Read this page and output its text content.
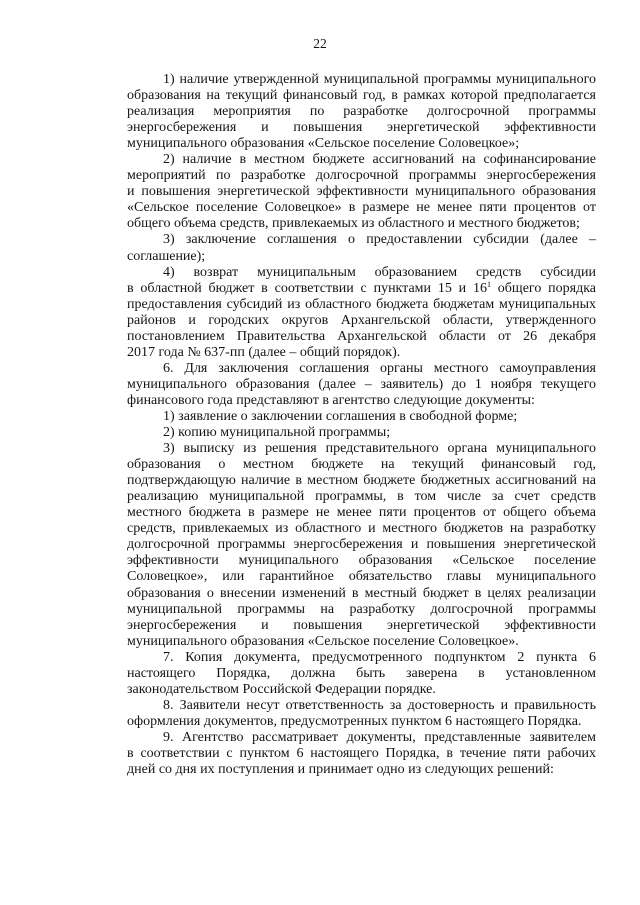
22
1) наличие утвержденной муниципальной программы муниципального
образования на текущий финансовый год, в рамках которой предполагается
реализация мероприятия по разработке долгосрочной программы
энергосбережения и повышения энергетической эффективности
муниципального образования «Сельское поселение Соловецкое»;
2) наличие в местном бюджете ассигнований на софинансирование
мероприятий по разработке долгосрочной программы энергосбережения
и повышения энергетической эффективности муниципального образования
«Сельское поселение Соловецкое» в размере не менее пяти процентов от
общего объема средств, привлекаемых из областного и местного бюджетов;
3) заключение соглашения о предоставлении субсидии (далее –
соглашение);
4) возврат муниципальным образованием средств субсидии
в областной бюджет в соответствии с пунктами 15 и $16^1$ общего порядка
предоставления субсидий из областного бюджета бюджетам муниципальных
районов и городских округов Архангельской области, утвержденного
постановлением Правительства Архангельской области от 26 декабря
2017 года № 637-пп (далее – общий порядок).
6. Для заключения соглашения органы местного самоуправления
муниципального образования (далее – заявитель) до 1 ноября текущего
финансового года представляют в агентство следующие документы:
1) заявление о заключении соглашения в свободной форме;
2) копию муниципальной программы;
3) выписку из решения представительного органа муниципального
образования о местном бюджете на текущий финансовый год,
подтверждающую наличие в местном бюджете бюджетных ассигнований на
реализацию муниципальной программы, в том числе за счет средств
местного бюджета в размере не менее пяти процентов от общего объема
средств, привлекаемых из областного и местного бюджетов на разработку
долгосрочной программы энергосбережения и повышения энергетической
эффективности муниципального образования «Сельское поселение
Соловецкое», или гарантийное обязательство главы муниципального
образования о внесении изменений в местный бюджет в целях реализации
муниципальной программы на разработку долгосрочной программы
энергосбережения и повышения энергетической эффективности
муниципального образования «Сельское поселение Соловецкое».
7. Копия документа, предусмотренного подпунктом 2 пункта 6
настоящего Порядка, должна быть заверена в установленном
законодательством Российской Федерации порядке.
8. Заявители несут ответственность за достоверность и правильность
оформления документов, предусмотренных пунктом 6 настоящего Порядка.
9. Агентство рассматривает документы, представленные заявителем
в соответствии с пунктом 6 настоящего Порядка, в течение пяти рабочих
дней со дня их поступления и принимает одно из следующих решений:
